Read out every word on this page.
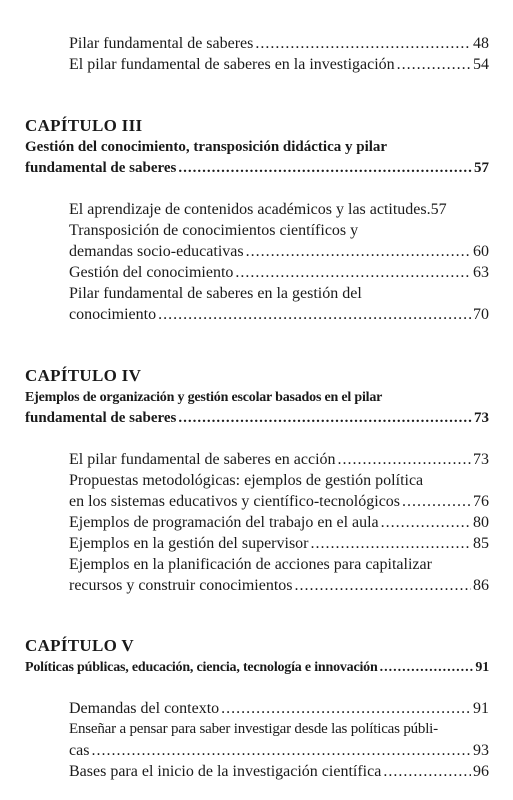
Pilar fundamental de saberes .....	48
El pilar fundamental de saberes en la investigación .....	54
CAPÍTULO III
Gestión del conocimiento, transposición didáctica y pilar
fundamental de saberes .....	57
El aprendizaje de contenidos académicos y las actitudes. 57
Transposición de conocimientos científicos y
demandas socio-educativas .....	60
Gestión del conocimiento .....	63
Pilar fundamental de saberes en la gestión del
conocimiento .....	70
CAPÍTULO IV
Ejemplos de organización y gestión escolar basados en el pilar
fundamental de saberes .....	73
El pilar fundamental de saberes en acción .....	73
Propuestas metodológicas: ejemplos de gestión política
en los sistemas educativos y científico-tecnológicos .....	76
Ejemplos de programación del trabajo en el aula .....	80
Ejemplos en la gestión del supervisor .....	85
Ejemplos en la planificación de acciones para capitalizar
recursos y construir conocimientos .....	86
CAPÍTULO V
Políticas públicas, educación, ciencia, tecnología e innovación .....	91
Demandas del contexto .....	91
Enseñar a pensar para saber investigar desde las políticas públi-
cas .....	93
Bases para el inicio de la investigación científica .....	96
